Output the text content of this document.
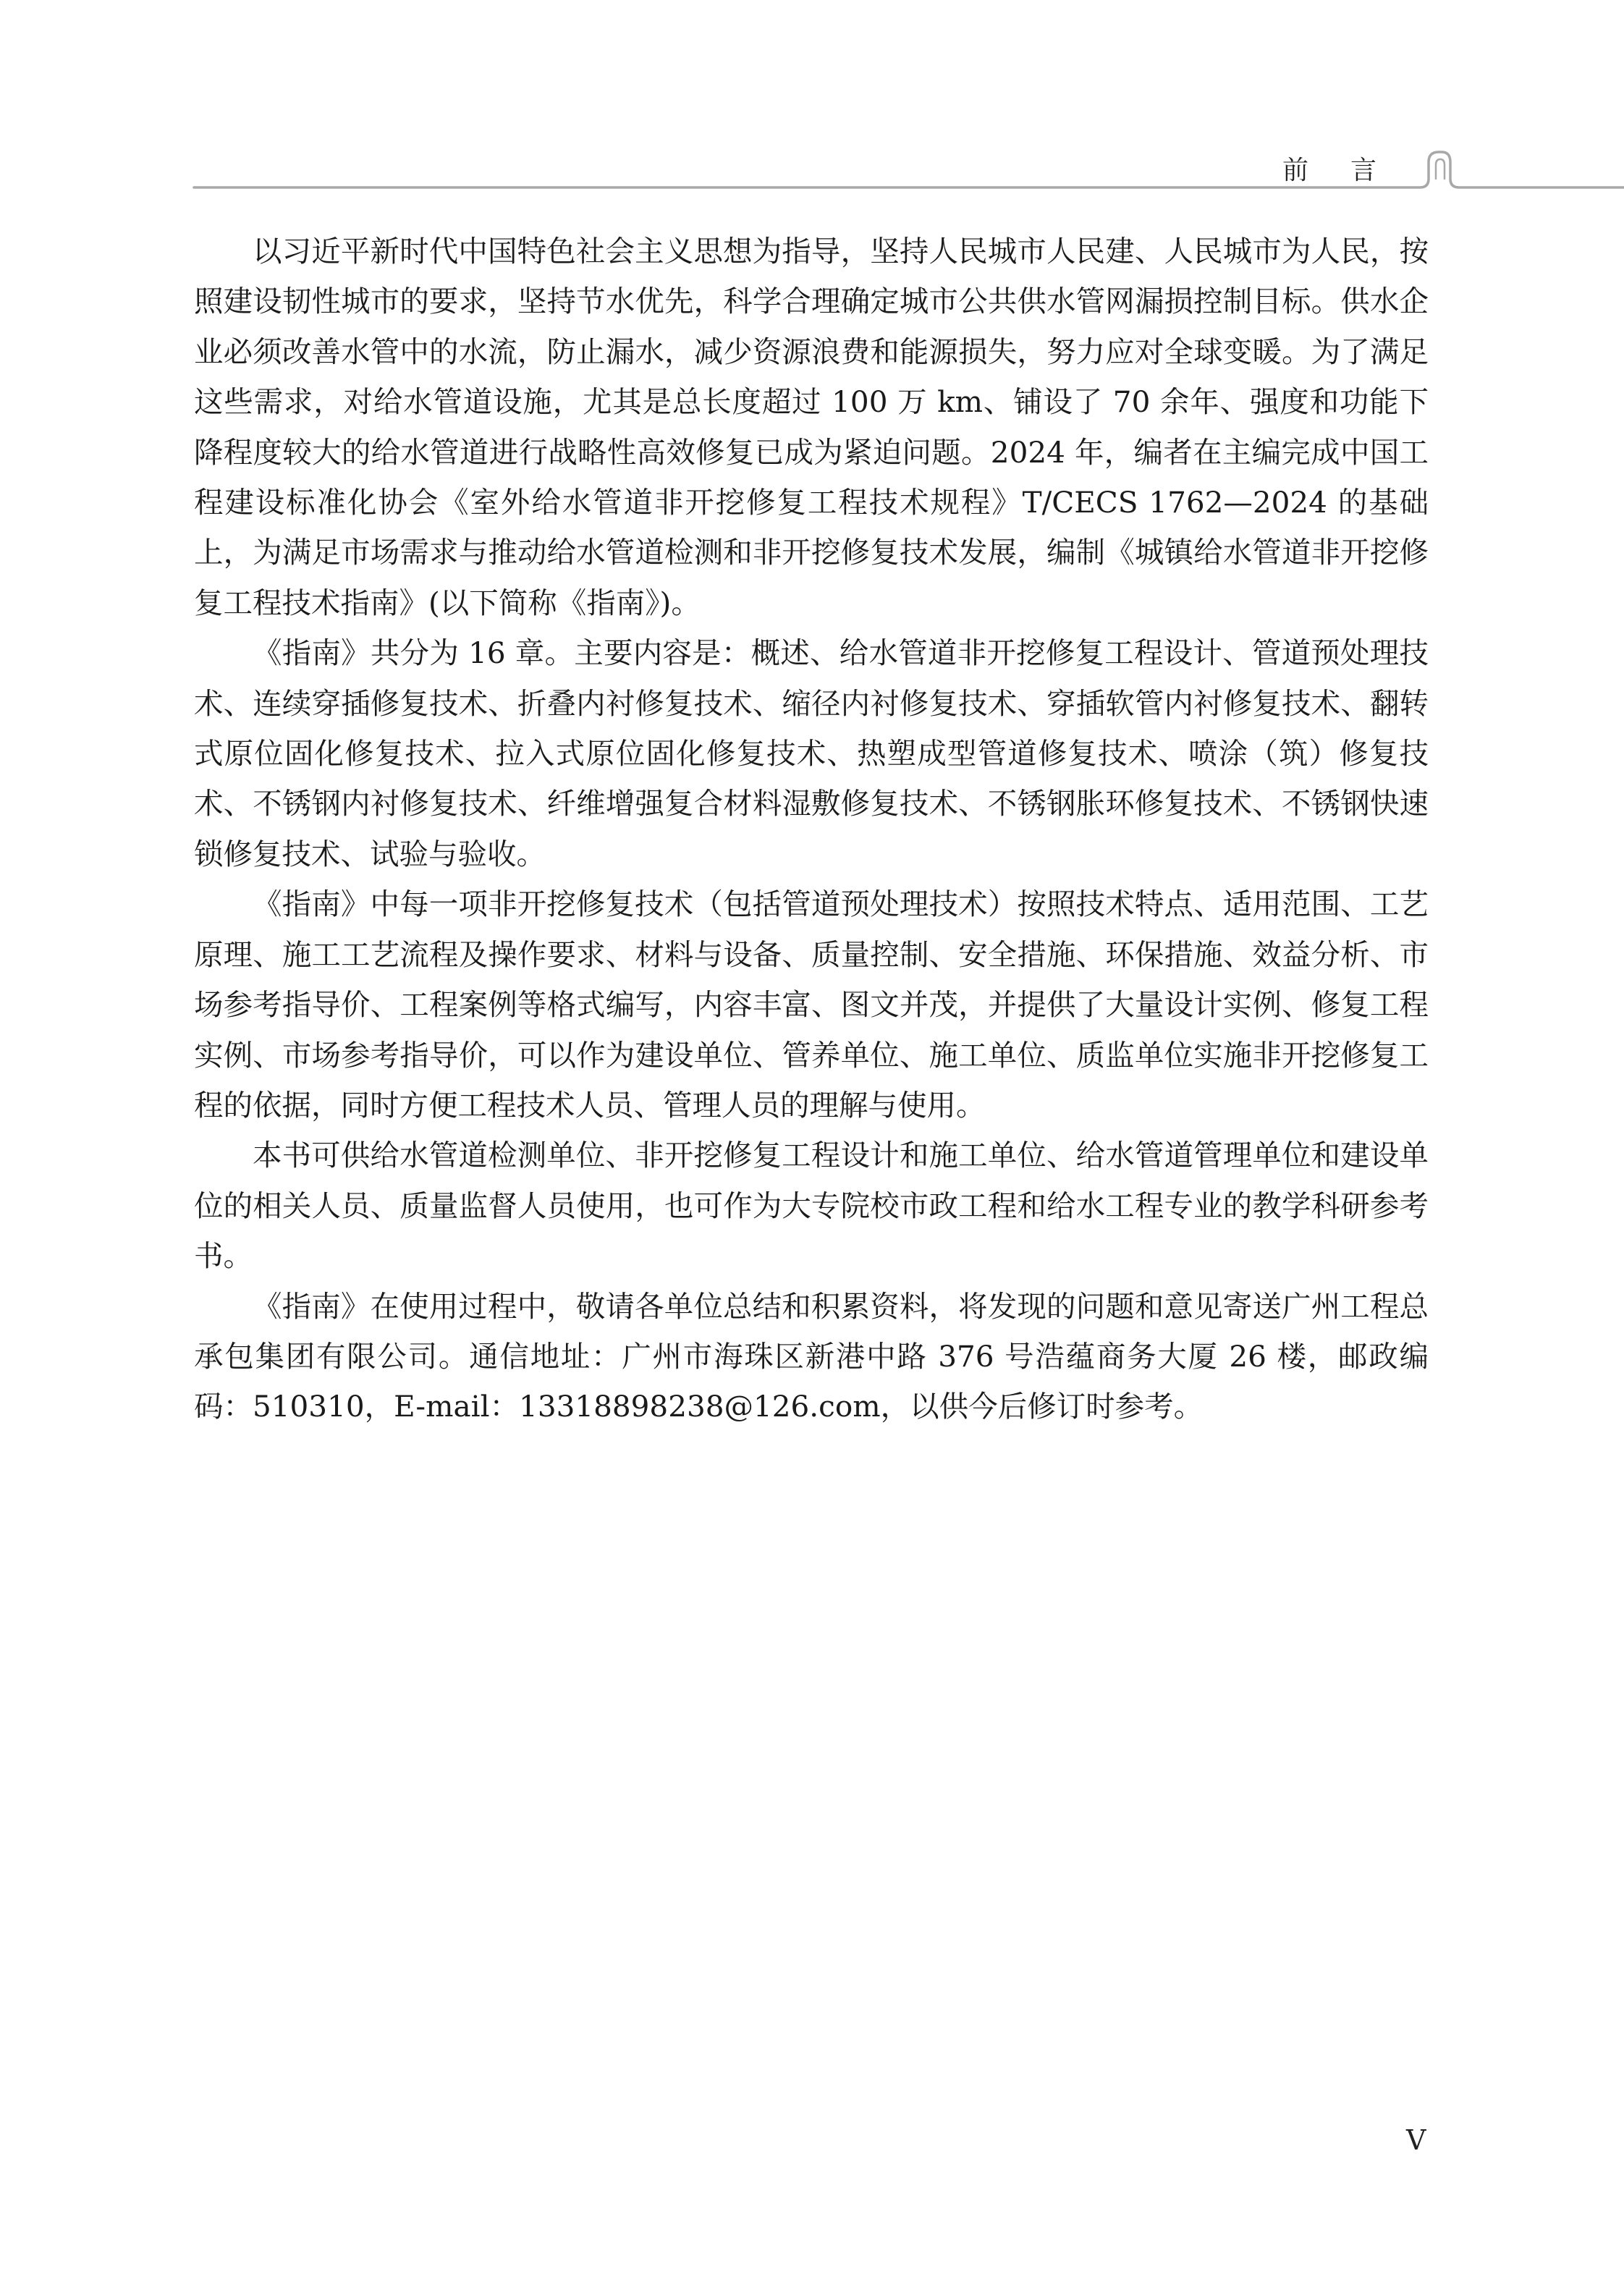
前言

以习近平新时代中国特色社会主义思想为指导，坚持人民城市人民建、人民城市为人民，按照建设韧性城市的要求，坚持节水优先，科学合理确定城市公共供水管网漏损控制目标。供水企业必须改善水管中的水流，防止漏水，减少资源浪费和能源损失，努力应对全球变暖。为了满足这些需求，对给水管道设施，尤其是总长度超过 100 万 km、铺设了 70 余年、强度和功能下降程度较大的给水管道进行战略性高效修复已成为紧迫问题。2024 年，编者在主编完成中国工程建设标准化协会《室外给水管道非开挖修复工程技术规程》T/CECS 1762—2024 的基础上，为满足市场需求与推动给水管道检测和非开挖修复技术发展，编制《城镇给水管道非开挖修复工程技术指南》(以下简称《指南》)。

《指南》共分为 16 章。主要内容是：概述、给水管道非开挖修复工程设计、管道预处理技术、连续穿插修复技术、折叠内衬修复技术、缩径内衬修复技术、穿插软管内衬修复技术、翻转式原位固化修复技术、拉入式原位固化修复技术、热塑成型管道修复技术、喷涂（筑）修复技术、不锈钢内衬修复技术、纤维增强复合材料湿敷修复技术、不锈钢胀环修复技术、不锈钢快速锁修复技术、试验与验收。

《指南》中每一项非开挖修复技术（包括管道预处理技术）按照技术特点、适用范围、工艺原理、施工工艺流程及操作要求、材料与设备、质量控制、安全措施、环保措施、效益分析、市场参考指导价、工程案例等格式编写，内容丰富、图文并茂，并提供了大量设计实例、修复工程实例、市场参考指导价，可以作为建设单位、管养单位、施工单位、质监单位实施非开挖修复工程的依据，同时方便工程技术人员、管理人员的理解与使用。

本书可供给水管道检测单位、非开挖修复工程设计和施工单位、给水管道管理单位和建设单位的相关人员、质量监督人员使用，也可作为大专院校市政工程和给水工程专业的教学科研参考书。

《指南》在使用过程中，敬请各单位总结和积累资料，将发现的问题和意见寄送广州工程总承包集团有限公司。通信地址：广州市海珠区新港中路 376 号浩蕴商务大厦 26 楼，邮政编码：510310，E-mail：13318898238@126.com，以供今后修订时参考。

V
